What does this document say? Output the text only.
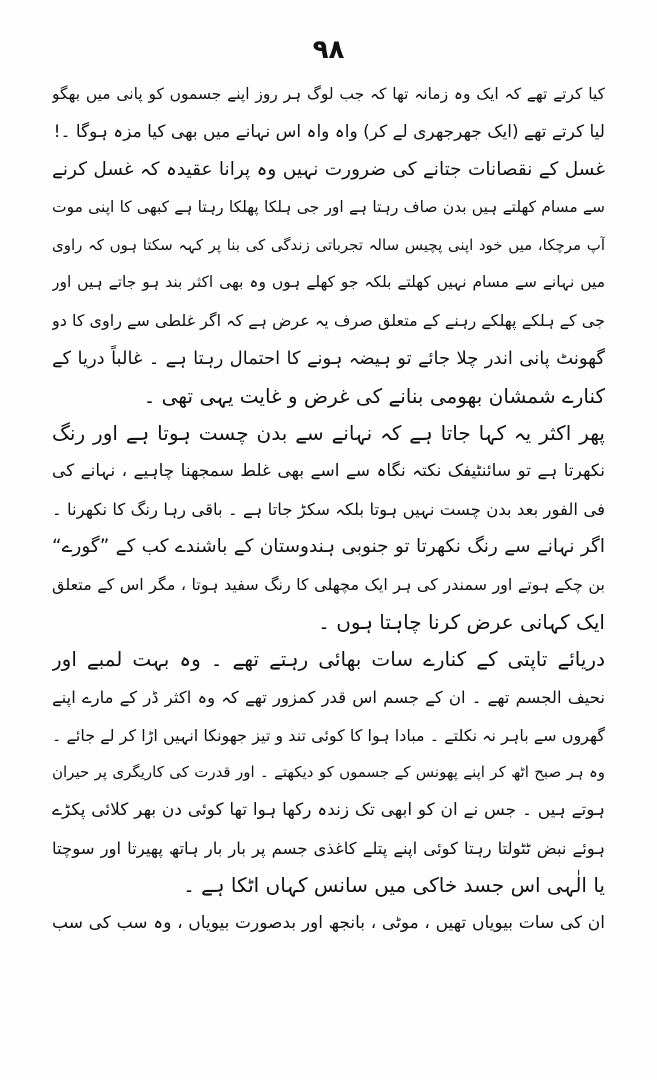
۹۸
کیا کرتے تھے کہ ایک وہ زمانہ تھا کہ جب لوگ ہر روز اپنے جسموں کو پانی میں بھگو
لیا کرتے تھے (ایک جھرجھری لے کر) واہ واہ اس نہانے میں بھی کیا مزہ ہوگا ۔!
غسل کے نقصانات جتانے کی ضرورت نہیں وہ پرانا عقیدہ کہ غسل کرنے
سے مسام کھلتے ہیں بدن صاف رہتا ہے اور جی ہلکا پھلکا رہتا ہے کبھی کا اپنی موت
آپ مرچکا، میں خود اپنی پچیس سالہ تجرباتی زندگی کی بنا پر کہہ سکتا ہوں کہ راوی
میں نہانے سے مسام نہیں کھلتے بلکہ جو کھلے ہوں وہ بھی اکثر بند ہو جاتے ہیں اور
جی کے ہلکے پھلکے رہنے کے متعلق صرف یہ عرض ہے کہ اگر غلطی سے راوی کا دو
گھونٹ پانی اندر چلا جائے تو ہیضہ ہونے کا احتمال رہتا ہے ۔ غالباً دریا کے
کنارے شمشان بھومی بنانے کی غرض و غایت یہی تھی ۔
پھر اکثر یہ کہا جاتا ہے کہ نہانے سے بدن چست ہوتا ہے اور رنگ
نکھرتا ہے تو سائنٹیفک نکتہ نگاہ سے اسے بھی غلط سمجھنا چاہیے ، نہانے کی
فی الفور بعد بدن چست نہیں ہوتا بلکہ سکڑ جاتا ہے ۔ باقی رہا رنگ کا نکھرنا ۔
اگر نہانے سے رنگ نکھرتا تو جنوبی ہندوستان کے باشندے کب کے ”گورے“
بن چکے ہوتے اور سمندر کی ہر ایک مچھلی کا رنگ سفید ہوتا ، مگر اس کے متعلق
ایک کہانی عرض کرنا چاہتا ہوں ۔
دریائے تاپتی کے کنارے سات بھائی رہتے تھے ۔ وہ بہت لمبے اور
نحیف الجسم تھے ۔ ان کے جسم اس قدر کمزور تھے کہ وہ اکثر ڈر کے مارے اپنے
گھروں سے باہر نہ نکلتے ۔ مبادا ہوا کا کوئی تند و تیز جھونکا انہیں اڑا کر لے جائے ۔
وہ ہر صبح اٹھ کر اپنے پھونس کے جسموں کو دیکھتے ۔ اور قدرت کی کاریگری پر حیران
ہوتے ہیں ۔ جس نے ان کو ابھی تک زندہ رکھا ہوا تھا کوئی دن بھر کلائی پکڑے
ہوئے نبض ٹٹولتا رہتا کوئی اپنے پتلے کاغذی جسم پر بار بار ہاتھ پھیرتا اور سوچتا
یا الٰہی اس جسد خاکی میں سانس کہاں اٹکا ہے ۔
ان کی سات بیویاں تھیں ، موٹی ، بانجھ اور بدصورت بیویاں ، وہ سب کی سب
